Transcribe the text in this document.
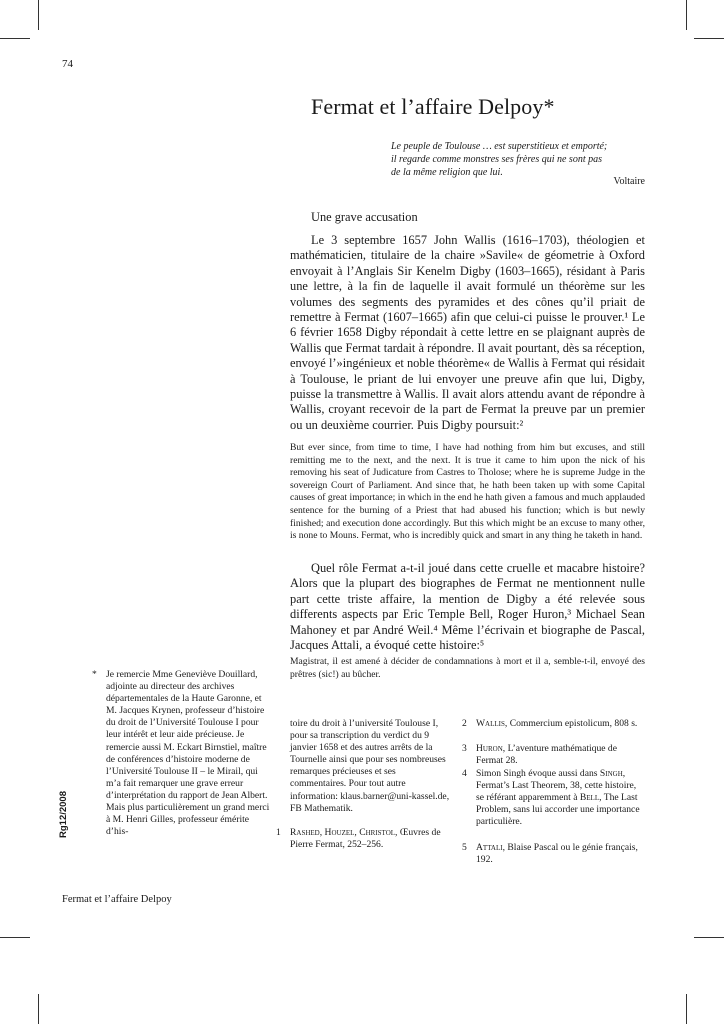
74
Fermat et l’affaire Delpoy*
Le peuple de Toulouse … est superstitieux et emporté;
il regarde comme monstres ses frères qui ne sont pas
de la même religion que lui.
Voltaire
Une grave accusation

Le 3 septembre 1657 John Wallis (1616–1703), théologien et mathématicien, titulaire de la chaire »Savile« de géometrie à Oxford envoyait à l’Anglais Sir Kenelm Digby (1603–1665), résidant à Paris une lettre, à la fin de laquelle il avait formulé un théorème sur les volumes des segments des pyramides et des cônes qu’il priait de remettre à Fermat (1607–1665) afin que celui-ci puisse le prouver.¹ Le 6 février 1658 Digby répondait à cette lettre en se plaignant auprès de Wallis que Fermat tardait à répondre. Il avait pourtant, dès sa réception, envoyé l’»ingénieux et noble théorème« de Wallis à Fermat qui résidait à Toulouse, le priant de lui envoyer une preuve afin que lui, Digby, puisse la transmettre à Wallis. Il avait alors attendu avant de répondre à Wallis, croyant recevoir de la part de Fermat la preuve par un premier ou un deuxième courrier. Puis Digby poursuit:²

But ever since, from time to time, I have had nothing from him but excuses, and still remitting me to the next, and the next. It is true it came to him upon the nick of his removing his seat of Judicature from Castres to Tholose; where he is supreme Judge in the sovereign Court of Parliament. And since that, he hath been taken up with some Capital causes of great importance; in which in the end he hath given a famous and much applauded sentence for the burning of a Priest that had abused his function; which is but newly finished; and execution done accordingly. But this which might be an excuse to many other, is none to Mouns. Fermat, who is incredibly quick and smart in any thing he taketh in hand.

Quel rôle Fermat a-t-il joué dans cette cruelle et macabre histoire? Alors que la plupart des biographes de Fermat ne mentionnent nulle part cette triste affaire, la mention de Digby a été relevée sous differents aspects par Eric Temple Bell, Roger Huron,³ Michael Sean Mahoney et par André Weil.⁴ Même l’écrivain et biographe de Pascal, Jacques Attali, a évoqué cette histoire:⁵

Magistrat, il est amené à décider de condamnations à mort et il a, semble-t-il, envoyé des prêtres (sic!) au bûcher.

* Je remercie Mme Geneviève Douillard, adjointe au directeur des archives départementales de la Haute Garonne, et M. Jacques Krynen, professeur d’histoire du droit de l’Université Toulouse I pour leur intérêt et leur aide précieuse. Je remercie aussi M. Eckart Birnstiel, maître de conférences d’histoire moderne de l’Université Toulouse II – le Mirail, qui m’a fait remarquer une grave erreur d’interprétation du rapport de Jean Albert. Mais plus particulièrement un grand merci à M. Henri Gilles, professeur émérite d’his-
toire du droit à l’université Toulouse I, pour sa transcription du verdict du 9 janvier 1658 et des autres arrêts de la Tournelle ainsi que pour ses nombreuses remarques précieuses et ses commentaires. Pour tout autre information: klaus.barner@uni-kassel.de, FB Mathematik.
1 Rashed, Houzel, Christol, Œuvres de Pierre Fermat, 252–256.
2 Wallis, Commercium epistolicum, 808 s.
3 Huron, L’aventure mathématique de Fermat 28.
4 Simon Singh évoque aussi dans Singh, Fermat’s Last Theorem, 38, cette histoire, se référant apparemment à Bell, The Last Problem, sans lui accorder une importance particulière.
5 Attali, Blaise Pascal ou le génie français, 192.
Rg12/2008
Fermat et l’affaire Delpoy
